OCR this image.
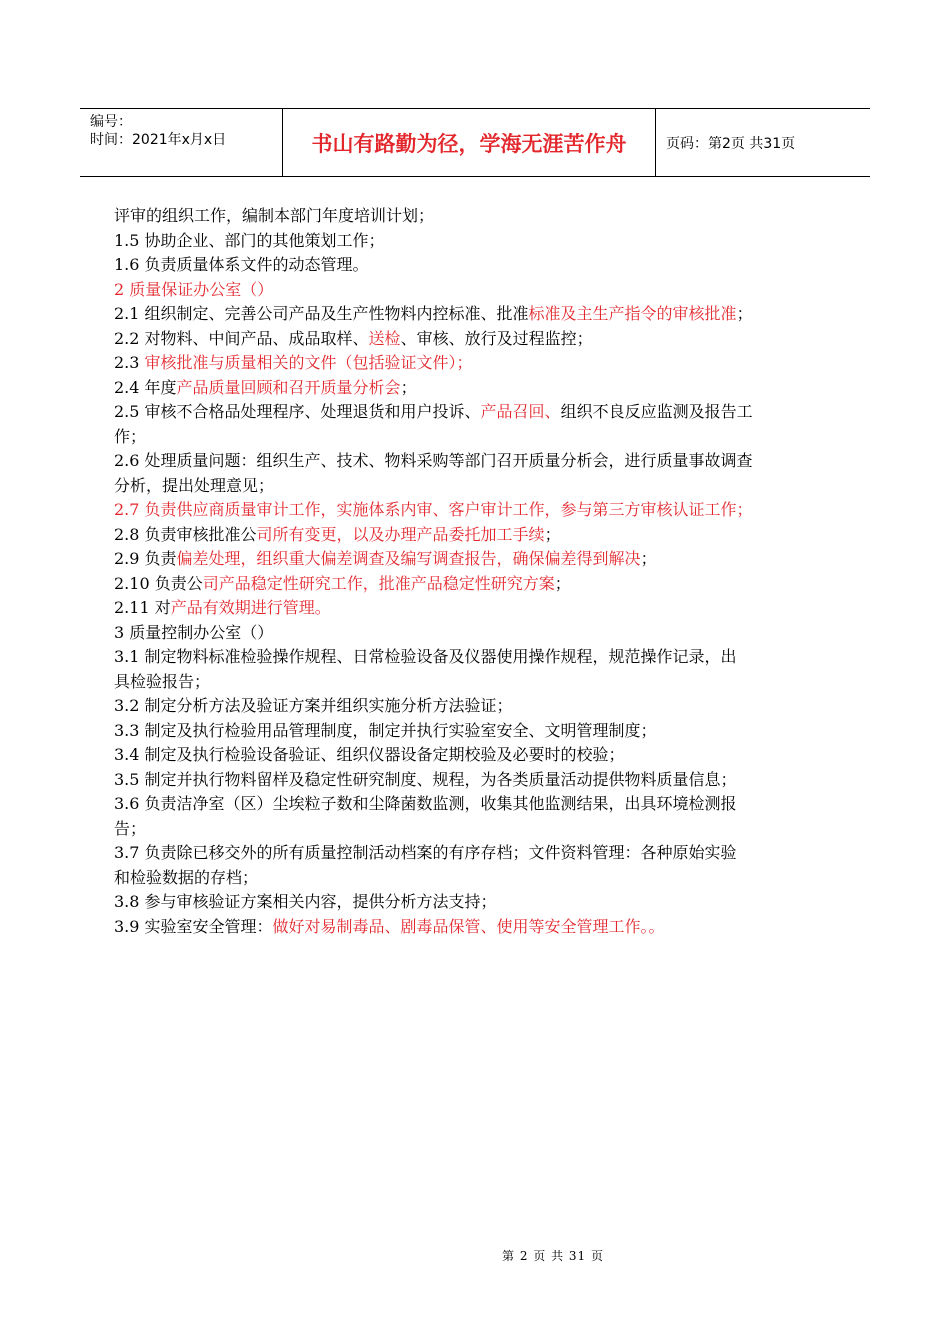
编号：
时间：2021年x月x日	书山有路勤为径，学海无涯苦作舟	页码：第2页 共31页
评审的组织工作，编制本部门年度培训计划；
1.5 协助企业、部门的其他策划工作；
1.6 负责质量体系文件的动态管理。
2 质量保证办公室（）
2.1 组织制定、完善公司产品及生产性物料内控标准、批准标准及主生产指令的审核批准；
2.2 对物料、中间产品、成品取样、送检、审核、放行及过程监控；
2.3 审核批准与质量相关的文件（包括验证文件）；
2.4 年度产品质量回顾和召开质量分析会；
2.5 审核不合格品处理程序、处理退货和用户投诉、产品召回、组织不良反应监测及报告工
作；
2.6 处理质量问题：组织生产、技术、物料采购等部门召开质量分析会，进行质量事故调查
分析，提出处理意见；
2.7 负责供应商质量审计工作，实施体系内审、客户审计工作，参与第三方审核认证工作；
2.8 负责审核批准公司所有变更，以及办理产品委托加工手续；
2.9 负责偏差处理，组织重大偏差调查及编写调查报告，确保偏差得到解决；
2.10 负责公司产品稳定性研究工作，批准产品稳定性研究方案；
2.11 对产品有效期进行管理。
3 质量控制办公室（）
3.1 制定物料标准检验操作规程、日常检验设备及仪器使用操作规程，规范操作记录，出
具检验报告；
3.2 制定分析方法及验证方案并组织实施分析方法验证；
3.3 制定及执行检验用品管理制度，制定并执行实验室安全、文明管理制度；
3.4 制定及执行检验设备验证、组织仪器设备定期校验及必要时的校验；
3.5 制定并执行物料留样及稳定性研究制度、规程，为各类质量活动提供物料质量信息；
3.6 负责洁净室（区）尘埃粒子数和尘降菌数监测，收集其他监测结果，出具环境检测报
告；
3.7 负责除已移交外的所有质量控制活动档案的有序存档；文件资料管理：各种原始实验
和检验数据的存档；
3.8 参与审核验证方案相关内容，提供分析方法支持；
3.9 实验室安全管理：做好对易制毒品、剧毒品保管、使用等安全管理工作。。
第 2 页 共 31 页
